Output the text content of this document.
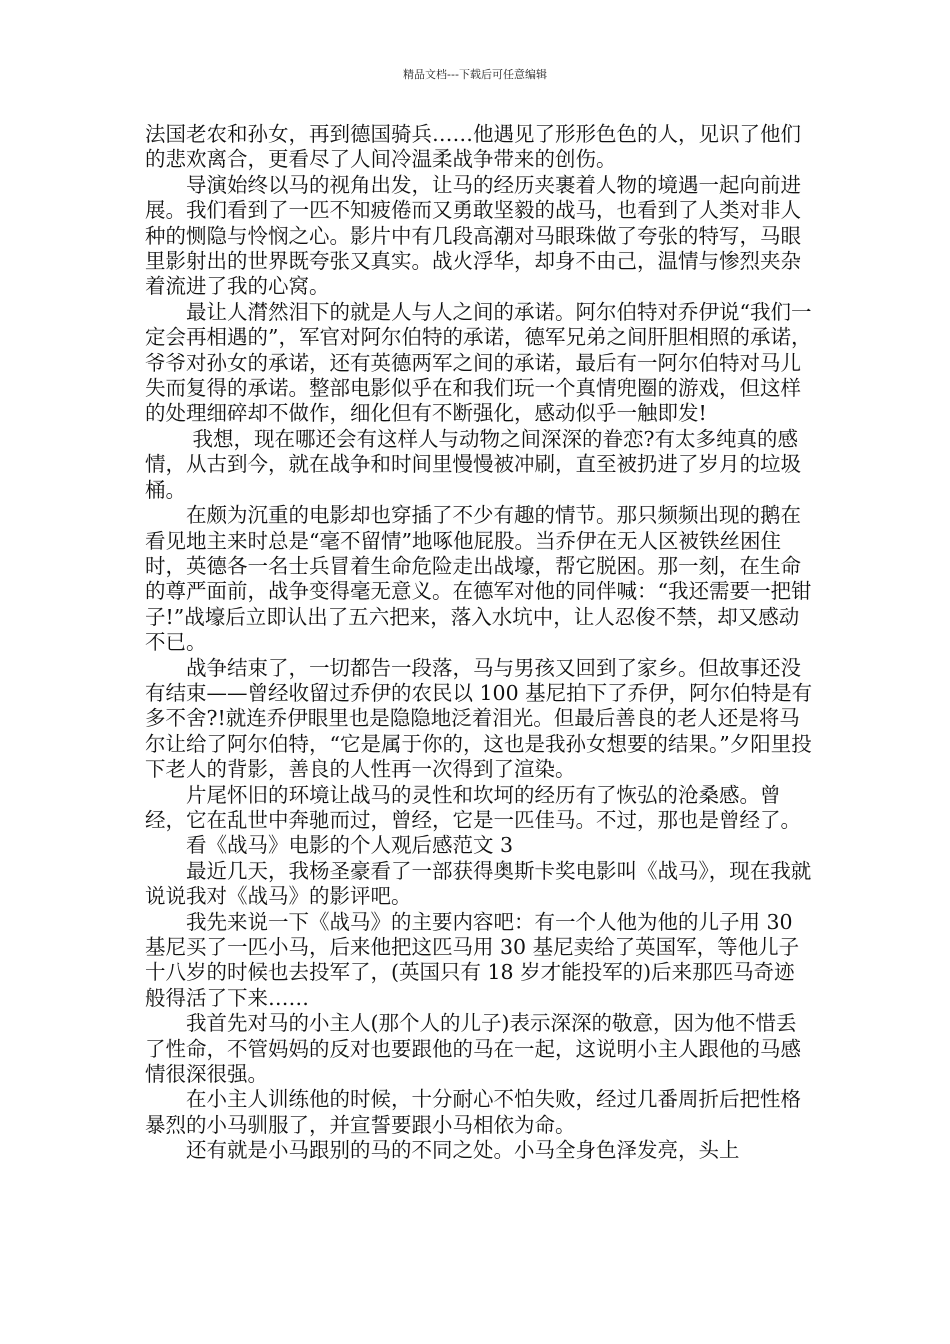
精品文档---下载后可任意编辑

法国老农和孙女，再到德国骑兵……他遇见了形形色色的人，见识了他们的悲欢离合，更看尽了人间冷温柔战争带来的创伤。

导演始终以马的视角出发，让马的经历夹裹着人物的境遇一起向前进展。我们看到了一匹不知疲倦而又勇敢坚毅的战马，也看到了人类对非人种的恻隐与怜悯之心。影片中有几段高潮对马眼珠做了夸张的特写，马眼里影射出的世界既夸张又真实。战火浮华，却身不由己，温情与惨烈夹杂着流进了我的心窝。

最让人潸然泪下的就是人与人之间的承诺。阿尔伯特对乔伊说“我们一定会再相遇的”，军官对阿尔伯特的承诺，德军兄弟之间肝胆相照的承诺，爷爷对孙女的承诺，还有英德两军之间的承诺，最后有一阿尔伯特对马儿失而复得的承诺。整部电影似乎在和我们玩一个真情兜圈的游戏，但这样的处理细碎却不做作，细化但有不断强化，感动似乎一触即发!

我想，现在哪还会有这样人与动物之间深深的眷恋?有太多纯真的感情，从古到今，就在战争和时间里慢慢被冲刷，直至被扔进了岁月的垃圾桶。

在颇为沉重的电影却也穿插了不少有趣的情节。那只频频出现的鹅在看见地主来时总是“毫不留情”地啄他屁股。当乔伊在无人区被铁丝困住时，英德各一名士兵冒着生命危险走出战壕，帮它脱困。那一刻，在生命的尊严面前，战争变得毫无意义。在德军对他的同伴喊：“我还需要一把钳子!”战壕后立即认出了五六把来，落入水坑中，让人忍俊不禁，却又感动不已。

战争结束了，一切都告一段落，马与男孩又回到了家乡。但故事还没有结束——曾经收留过乔伊的农民以 100 基尼拍下了乔伊，阿尔伯特是有多不舍?!就连乔伊眼里也是隐隐地泛着泪光。但最后善良的老人还是将马尔让给了阿尔伯特，“它是属于你的，这也是我孙女想要的结果。”夕阳里投下老人的背影，善良的人性再一次得到了渲染。

片尾怀旧的环境让战马的灵性和坎坷的经历有了恢弘的沧桑感。曾经，它在乱世中奔驰而过，曾经，它是一匹佳马。不过，那也是曾经了。

看《战马》电影的个人观后感范文 3

最近几天，我杨圣豪看了一部获得奥斯卡奖电影叫《战马》，现在我就说说我对《战马》的影评吧。

我先来说一下《战马》的主要内容吧：有一个人他为他的儿子用 30 基尼买了一匹小马，后来他把这匹马用 30 基尼卖给了英国军，等他儿子十八岁的时候也去投军了，(英国只有 18 岁才能投军的)后来那匹马奇迹般得活了下来……

我首先对马的小主人(那个人的儿子)表示深深的敬意，因为他不惜丢了性命，不管妈妈的反对也要跟他的马在一起，这说明小主人跟他的马感情很深很强。

在小主人训练他的时候，十分耐心不怕失败，经过几番周折后把性格暴烈的小马驯服了，并宣誓要跟小马相依为命。

还有就是小马跟别的马的不同之处。小马全身色泽发亮，头上
